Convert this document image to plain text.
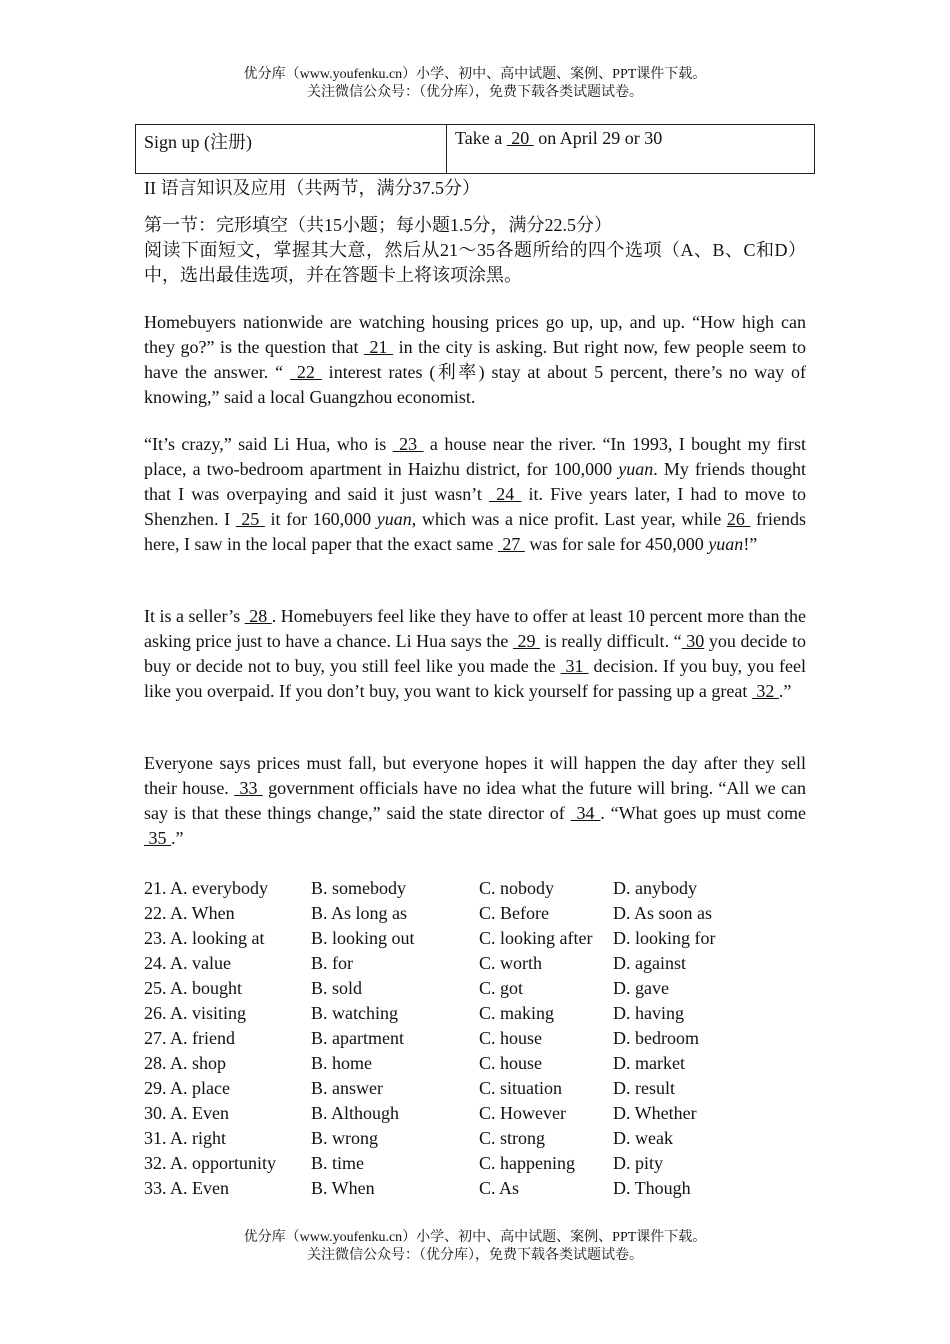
优分库（www.youfenku.cn）小学、初中、高中试题、案例、PPT课件下载。
关注微信公众号：（优分库），免费下载各类试题试卷。
Sign up (注册)	Take a  20  on April 29 or 30

II 语言知识及应用（共两节，满分37.5分）

第一节：完形填空（共15小题；每小题1.5分，满分22.5分）

阅读下面短文，掌握其大意，然后从21～35各题所给的四个选项（A、B、C和D）中，选出最佳选项，并在答题卡上将该项涂黑。

Homebuyers nationwide are watching housing prices go up, up, and up. “How high can they go?” is the question that  21  in the city is asking. But right now, few people seem to have the answer. “  22  interest rates (利率) stay at about 5 percent, there’s no way of knowing,” said a local Guangzhou economist.

“It’s crazy,” said Li Hua, who is  23  a house near the river. “In 1993, I bought my first place, a two-bedroom apartment in Haizhu district, for 100,000 yuan. My friends thought that I was overpaying and said it just wasn’t  24  it. Five years later, I had to move to Shenzhen. I  25  it for 160,000 yuan, which was a nice profit. Last year, while 26  friends here, I saw in the local paper that the exact same  27  was for sale for 450,000 yuan!”

It is a seller’s  28 . Homebuyers feel like they have to offer at least 10 percent more than the asking price just to have a chance. Li Hua says the  29  is really difficult. “ 30 you decide to buy or decide not to buy, you still feel like you made the  31  decision. If you buy, you feel like you overpaid. If you don’t buy, you want to kick yourself for passing up a great  32 .”

Everyone says prices must fall, but everyone hopes it will happen the day after they sell their house.  33  government officials have no idea what the future will bring. “All we can say is that these things change,” said the state director of  34 . “What goes up must come  35 .”

21. A. everybody	B. somebody	C. nobody	D. anybody
22. A. When	B. As long as	C. Before	D. As soon as
23. A. looking at	B. looking out	C. looking after	D. looking for
24. A. value	B. for	C. worth	D. against
25. A. bought	B. sold	C. got	D. gave
26. A. visiting	B. watching	C. making	D. having
27. A. friend	B. apartment	C. house	D. bedroom
28. A. shop	B. home	C. house	D. market
29. A. place	B. answer	C. situation	D. result
30. A. Even	B. Although	C. However	D. Whether
31. A. right	B. wrong	C. strong	D. weak
32. A. opportunity	B. time	C. happening	D. pity
33. A. Even	B. When	C. As	D. Though
优分库（www.youfenku.cn）小学、初中、高中试题、案例、PPT课件下载。
关注微信公众号：（优分库），免费下载各类试题试卷。
